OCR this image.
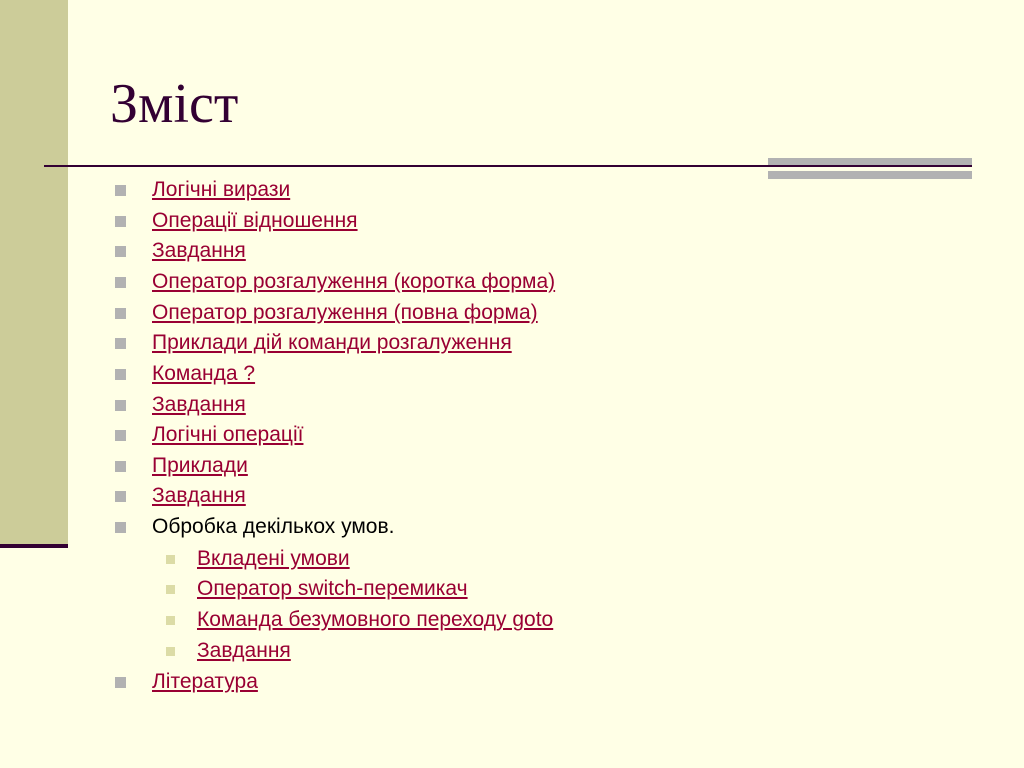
Зміст
Логічні вирази
Операції відношення
Завдання
Оператор розгалуження (коротка форма)
Оператор розгалуження (повна форма)
Приклади дій команди розгалуження
Команда ?
Завдання
Логічні операції
Приклади
Завдання
Обробка декількох умов.
Вкладені умови
Оператор switch-перемикач
Команда безумовного переходу goto
Завдання
Література
